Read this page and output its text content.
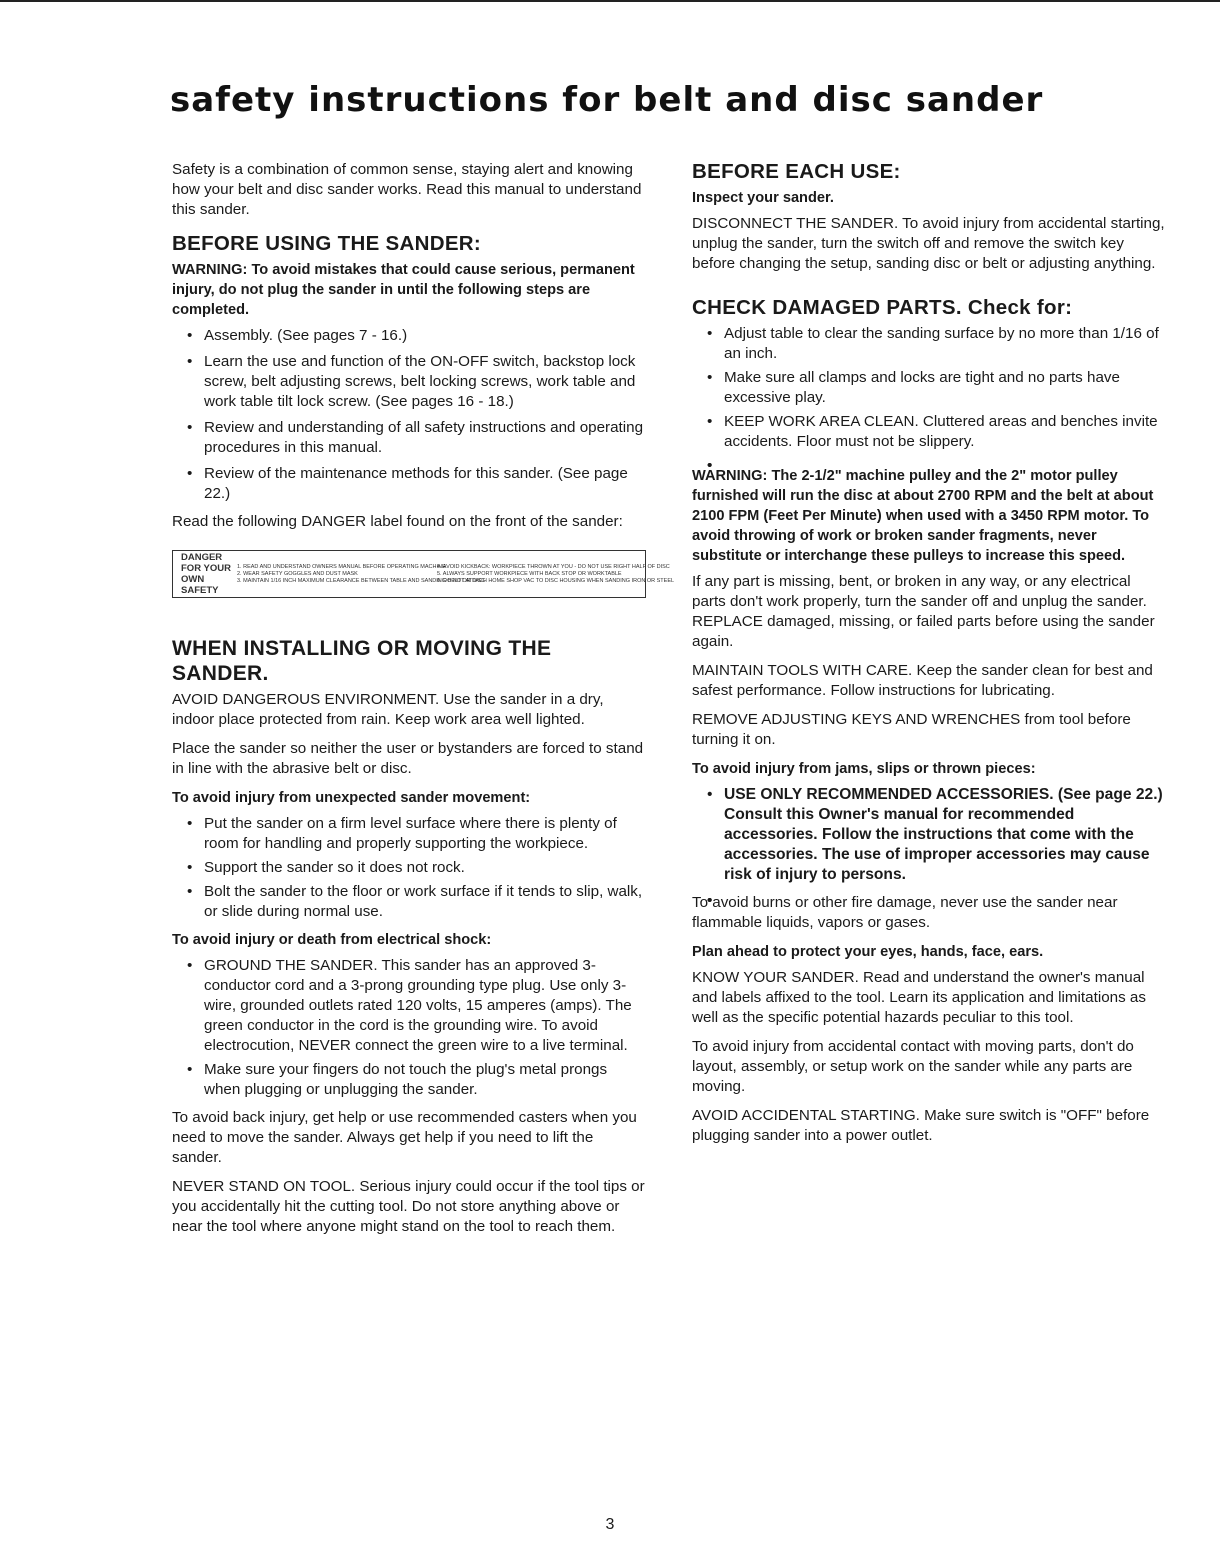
safety instructions for belt and disc sander

Safety is a combination of common sense, staying alert and knowing how your belt and disc sander works. Read this manual to understand this sander.

BEFORE USING THE SANDER:
WARNING: To avoid mistakes that could cause serious, permanent injury, do not plug the sander in until the following steps are completed.
• Assembly. (See pages 7 - 16.)
• Learn the use and function of the ON-OFF switch, backstop lock screw, belt adjusting screws, belt locking screws, work table and work table tilt lock screw. (See pages 16 - 18.)
• Review and understanding of all safety instructions and operating procedures in this manual.
• Review of the maintenance methods for this sander. (See page 22.)

Read the following DANGER label found on the front of the sander:

DANGER
FOR YOUR
OWN SAFETY
1. READ AND UNDERSTAND OWNERS MANUAL BEFORE OPERATING MACHINE
2. WEAR SAFETY GOGGLES AND DUST MASK
3. MAINTAIN 1/16 INCH MAXIMUM CLEARANCE BETWEEN TABLE AND SANDING BELT OR DISC
4. AVOID KICKBACK: WORKPIECE THROWN AT YOU - DO NOT USE RIGHT HALF OF DISC
5. ALWAYS SUPPORT WORKPIECE WITH BACK STOP OR WORKTABLE
6. DO NOT ATTACH HOME SHOP VAC TO DISC HOUSING WHEN SANDING IRON OR STEEL
WHEN INSTALLING OR MOVING THE SANDER.

AVOID DANGEROUS ENVIRONMENT. Use the sander in a dry, indoor place protected from rain. Keep work area well lighted.

Place the sander so neither the user or bystanders are forced to stand in line with the abrasive belt or disc.

To avoid injury from unexpected sander movement:
• Put the sander on a firm level surface where there is plenty of room for handling and properly supporting the workpiece.
• Support the sander so it does not rock.
• Bolt the sander to the floor or work surface if it tends to slip, walk, or slide during normal use.
To avoid injury or death from electrical shock:
• GROUND THE SANDER. This sander has an approved 3-conductor cord and a 3-prong grounding type plug. Use only 3-wire, grounded outlets rated 120 volts, 15 amperes (amps). The green conductor in the cord is the grounding wire. To avoid electrocution, NEVER connect the green wire to a live terminal.
• Make sure your fingers do not touch the plug's metal prongs when plugging or unplugging the sander.

To avoid back injury, get help or use recommended casters when you need to move the sander. Always get help if you need to lift the sander.

NEVER STAND ON TOOL. Serious injury could occur if the tool tips or you accidentally hit the cutting tool. Do not store anything above or near the tool where anyone might stand on the tool to reach them.

BEFORE EACH USE:
Inspect your sander.

DISCONNECT THE SANDER. To avoid injury from accidental starting, unplug the sander, turn the switch off and remove the switch key before changing the setup, sanding disc or belt or adjusting anything.

CHECK DAMAGED PARTS. Check for:
• Adjust table to clear the sanding surface by no more than 1/16 of an inch.
• Make sure all clamps and locks are tight and no parts have excessive play.
• KEEP WORK AREA CLEAN. Cluttered areas and benches invite accidents. Floor must not be slippery.
WARNING: The 2-1/2" machine pulley and the 2" motor pulley furnished will run the disc at about 2700 RPM and the belt at about 2100 FPM (Feet Per Minute) when used with a 3450 RPM motor. To avoid throwing of work or broken sander fragments, never substitute or interchange these pulleys to increase this speed.

If any part is missing, bent, or broken in any way, or any electrical parts don't work properly, turn the sander off and unplug the sander. REPLACE damaged, missing, or failed parts before using the sander again.

MAINTAIN TOOLS WITH CARE. Keep the sander clean for best and safest performance. Follow instructions for lubricating.

REMOVE ADJUSTING KEYS AND WRENCHES from tool before turning it on.

To avoid injury from jams, slips or thrown pieces:
• USE ONLY RECOMMENDED ACCESSORIES. (See page 22.) Consult this Owner's manual for recommended accessories. Follow the instructions that come with the accessories. The use of improper accessories may cause risk of injury to persons.

To avoid burns or other fire damage, never use the sander near flammable liquids, vapors or gases.

Plan ahead to protect your eyes, hands, face, ears.

KNOW YOUR SANDER. Read and understand the owner's manual and labels affixed to the tool. Learn its application and limitations as well as the specific potential hazards peculiar to this tool.

To avoid injury from accidental contact with moving parts, don't do layout, assembly, or setup work on the sander while any parts are moving.

AVOID ACCIDENTAL STARTING. Make sure switch is "OFF" before plugging sander into a power outlet.

3
